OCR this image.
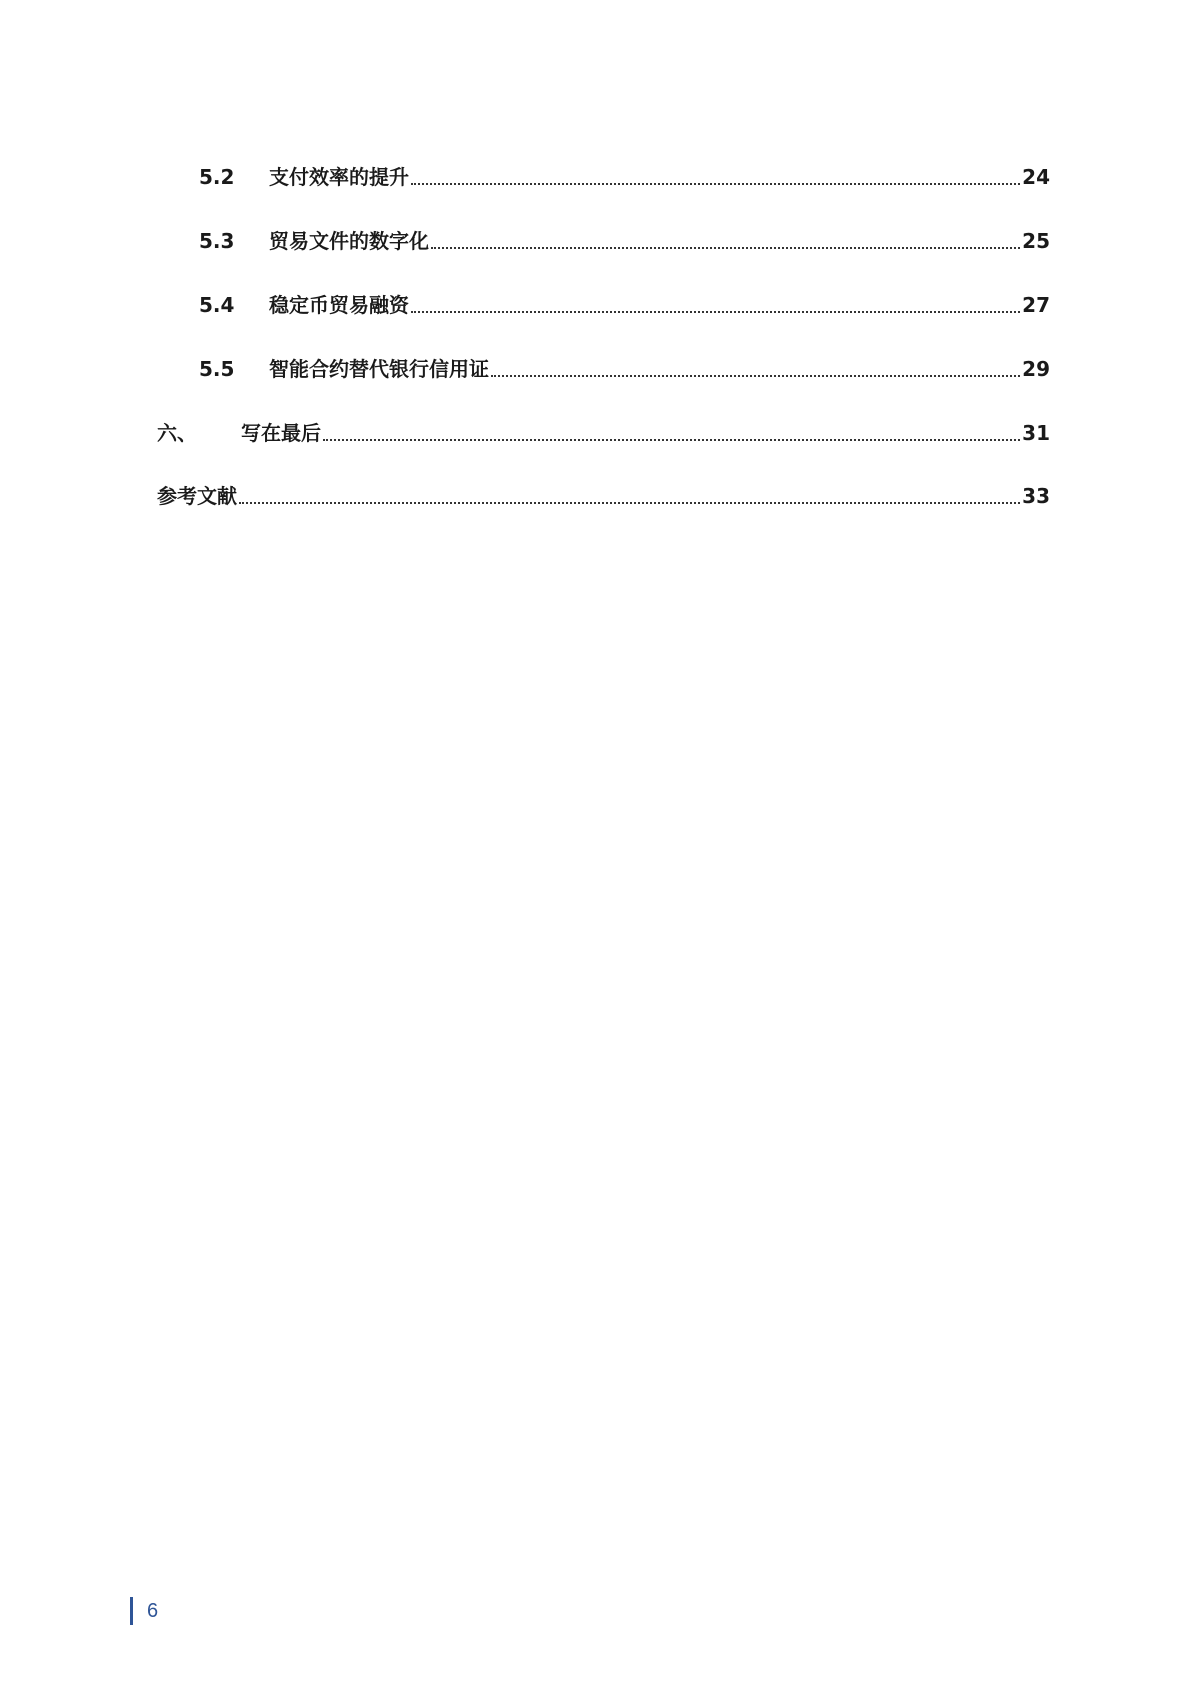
5.2	支付效率的提升	24
5.3	贸易文件的数字化	25
5.4	稳定币贸易融资	27
5.5	智能合约替代银行信用证	29
六、	写在最后	31
参考文献	33
6
